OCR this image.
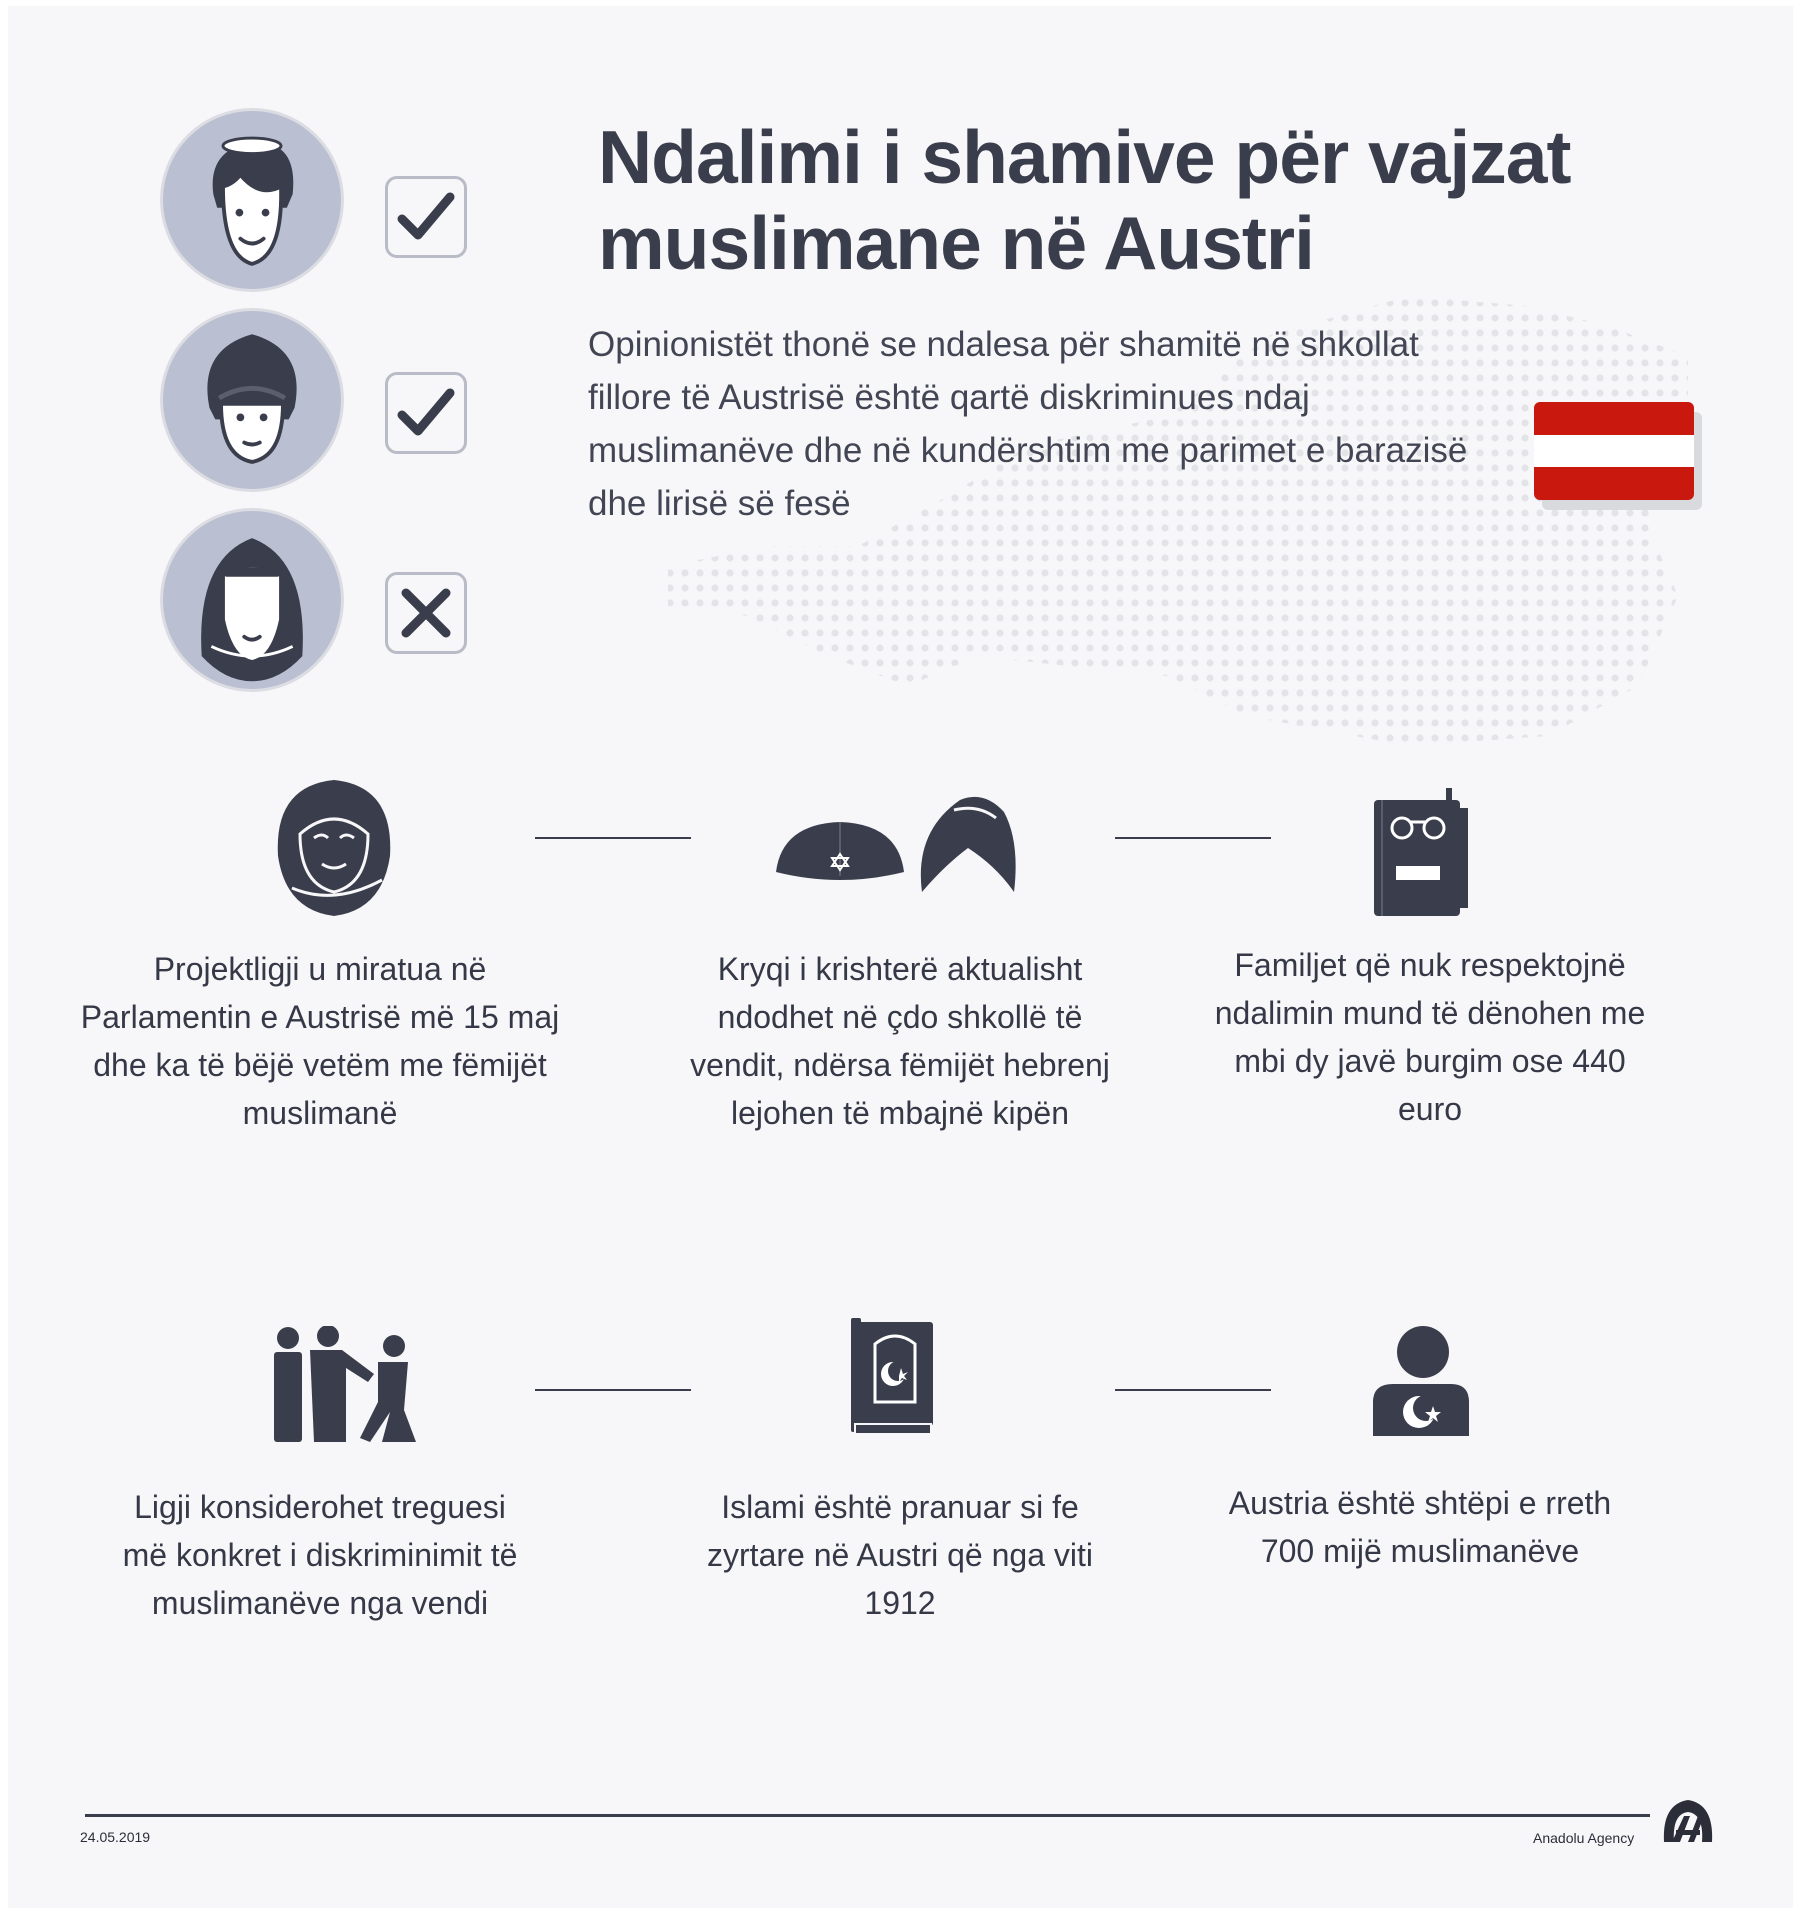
Ndalimi i shamive për vajzat
muslimane në Austri
Opinionistët thonë se ndalesa për shamitë në shkollat fillore të Austrisë është qartë diskriminues ndaj muslimanëve dhe në kundërshtim me parimet e barazisë dhe lirisë së fesë
Projektligji u miratua në Parlamentin e Austrisë më 15 maj dhe ka të bëjë vetëm me fëmijët muslimanë
Kryqi i krishterë aktualisht ndodhet në çdo shkollë të vendit, ndërsa fëmijët hebrenj lejohen të mbajnë kipën
Familjet që nuk respektojnë ndalimin mund të dënohen me mbi dy javë burgim ose 440 euro
Ligji konsiderohet treguesi më konkret i diskriminimit të muslimanëve nga vendi
Islami është pranuar si fe zyrtare në Austri që nga viti 1912
Austria është shtëpi e rreth 700 mijë muslimanëve
24.05.2019	Anadolu Agency
